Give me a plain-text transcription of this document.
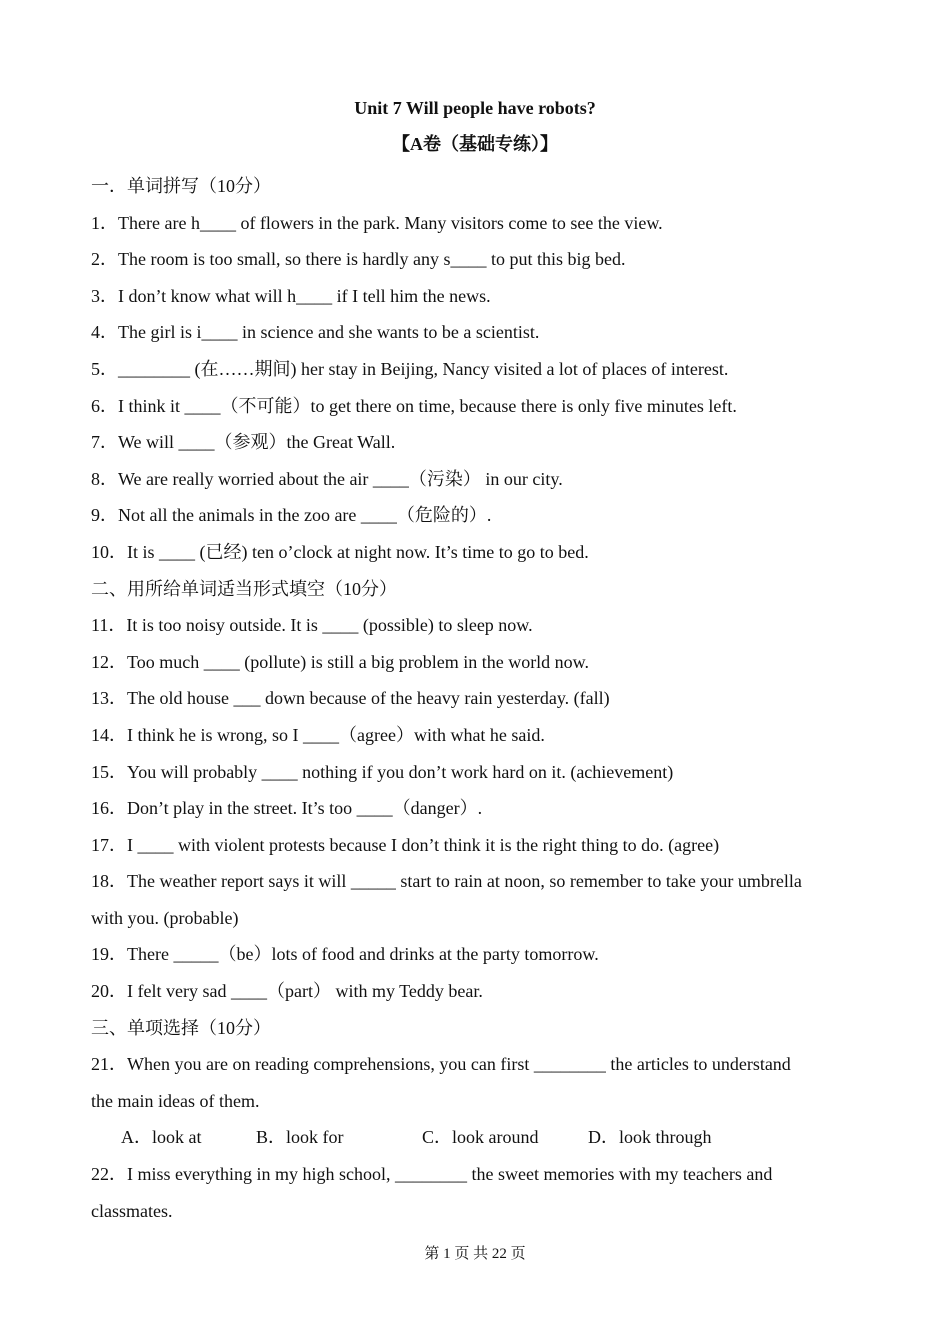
Unit 7 Will people have robots?
【A卷（基础专练）】
一．单词拼写（10分）
1．There are h____ of flowers in the park. Many visitors come to see the view.
2．The room is too small, so there is hardly any s____ to put this big bed.
3．I don’t know what will h____ if I tell him the news.
4．The girl is i____ in science and she wants to be a scientist.
5．________ (在……期间) her stay in Beijing, Nancy visited a lot of places of interest.
6．I think it ____（不可能）to get there on time, because there is only five minutes left.
7．We will ____（参观）the Great Wall.
8．We are really worried about the air ____（污染） in our city.
9．Not all the animals in the zoo are ____（危险的）.
10．It is ____ (已经) ten o’clock at night now. It’s time to go to bed.
二、用所给单词适当形式填空（10分）
11．It is too noisy outside. It is ____ (possible) to sleep now.
12．Too much ____ (pollute) is still a big problem in the world now.
13．The old house ___ down because of the heavy rain yesterday. (fall)
14．I think he is wrong, so I ____（agree）with what he said.
15．You will probably ____ nothing if you don’t work hard on it. (achievement)
16．Don’t play in the street. It’s too ____（danger）.
17．I ____ with violent protests because I don’t think it is the right thing to do. (agree)
18．The weather report says it will _____ start to rain at noon, so remember to take your umbrella
with you. (probable)
19．There _____（be）lots of food and drinks at the party tomorrow.
20．I felt very sad ____（part） with my Teddy bear.
三、单项选择（10分）
21．When you are on reading comprehensions, you can first ________ the articles to understand
the main ideas of them.
A．look at	B．look for	C．look around	D．look through
22．I miss everything in my high school, ________ the sweet memories with my teachers and
classmates.
第 1 页 共 22 页
